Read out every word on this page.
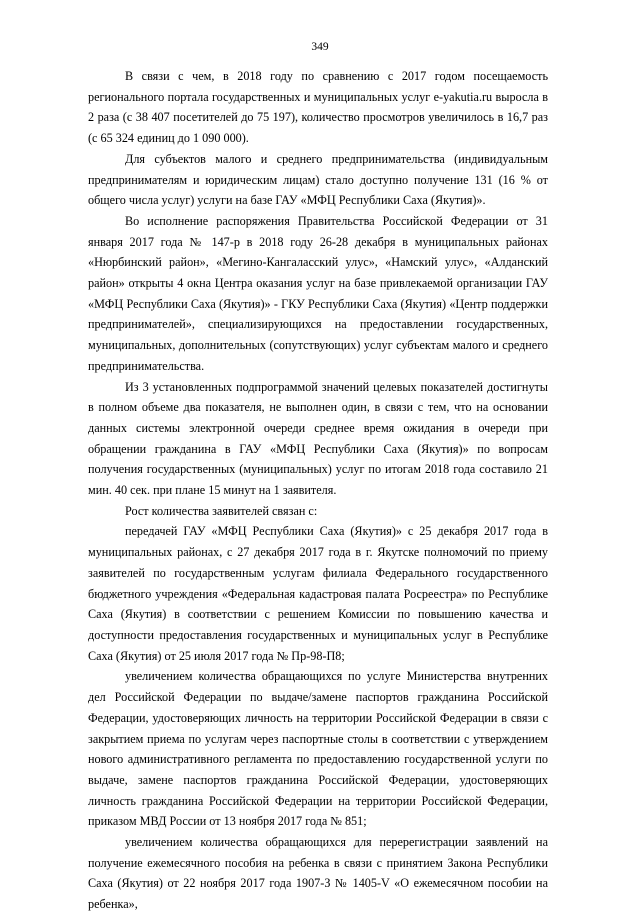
349

В связи с чем, в 2018 году по сравнению с 2017 годом посещаемость регионального портала государственных и муниципальных услуг e-yakutia.ru выросла в 2 раза (с 38 407 посетителей до 75 197), количество просмотров увеличилось в 16,7 раз (с 65 324 единиц до 1 090 000).

Для субъектов малого и среднего предпринимательства (индивидуальным предпринимателям и юридическим лицам) стало доступно получение 131 (16 % от общего числа услуг) услуги на базе ГАУ «МФЦ Республики Саха (Якутия)».

Во исполнение распоряжения Правительства Российской Федерации от 31 января 2017 года № 147-р в 2018 году 26-28 декабря в муниципальных районах «Нюрбинский район», «Мегино-Кангаласский улус», «Намский улус», «Алданский район» открыты 4 окна Центра оказания услуг на базе привлекаемой организации ГАУ «МФЦ Республики Саха (Якутия)» - ГКУ Республики Саха (Якутия) «Центр поддержки предпринимателей», специализирующихся на предоставлении государственных, муниципальных, дополнительных (сопутствующих) услуг субъектам малого и среднего предпринимательства.

Из 3 установленных подпрограммой значений целевых показателей достигнуты в полном объеме два показателя, не выполнен один, в связи с тем, что на основании данных системы электронной очереди среднее время ожидания в очереди при обращении гражданина в ГАУ «МФЦ Республики Саха (Якутия)» по вопросам получения государственных (муниципальных) услуг по итогам 2018 года составило 21 мин. 40 сек. при плане 15 минут на 1 заявителя.

Рост количества заявителей связан с:

передачей ГАУ «МФЦ Республики Саха (Якутия)» с 25 декабря 2017 года в муниципальных районах, с 27 декабря 2017 года в г. Якутске полномочий по приему заявителей по государственным услугам филиала Федерального государственного бюджетного учреждения «Федеральная кадастровая палата Росреестра» по Республике Саха (Якутия) в соответствии с решением Комиссии по повышению качества и доступности предоставления государственных и муниципальных услуг в Республике Саха (Якутия) от 25 июля 2017 года № Пр-98-П8;

увеличением количества обращающихся по услуге Министерства внутренних дел Российской Федерации по выдаче/замене паспортов гражданина Российской Федерации, удостоверяющих личность на территории Российской Федерации в связи с закрытием приема по услугам через паспортные столы в соответствии с утверждением нового административного регламента по предоставлению государственной услуги по выдаче, замене паспортов гражданина Российской Федерации, удостоверяющих личность гражданина Российской Федерации на территории Российской Федерации, приказом МВД России от 13 ноября 2017 года № 851;

увеличением количества обращающихся для перерегистрации заявлений на получение ежемесячного пособия на ребенка в связи с принятием Закона Республики Саха (Якутия) от 22 ноября 2017 года 1907-З № 1405-V «О ежемесячном пособии на ребенка»,
